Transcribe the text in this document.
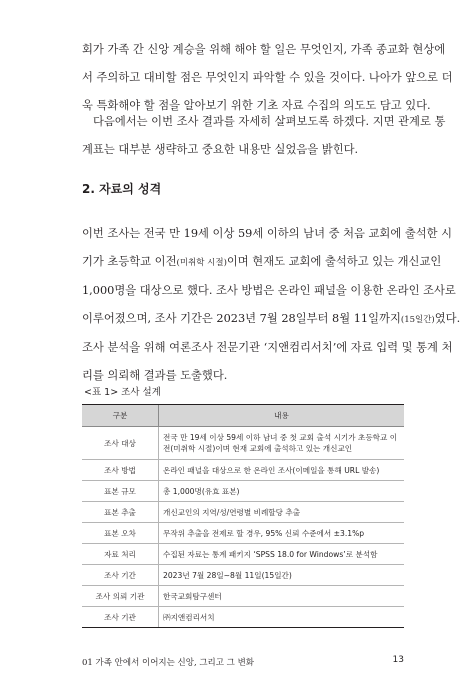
회가 가족 간 신앙 계승을 위해 해야 할 일은 무엇인지, 가족 종교화 현상에
서 주의하고 대비할 점은 무엇인지 파악할 수 있을 것이다. 나아가 앞으로 더
욱 특화해야 할 점을 알아보기 위한 기초 자료 수집의 의도도 담고 있다.

다음에서는 이번 조사 결과를 자세히 살펴보도록 하겠다. 지면 관계로 통
계표는 대부분 생략하고 중요한 내용만 실었음을 밝힌다.

2. 자료의 성격

이번 조사는 전국 만 19세 이상 59세 이하의 남녀 중 처음 교회에 출석한 시
기가 초등학교 이전(미취학 시절)이며 현재도 교회에 출석하고 있는 개신교인
1,000명을 대상으로 했다. 조사 방법은 온라인 패널을 이용한 온라인 조사로
이루어졌으며, 조사 기간은 2023년 7월 28일부터 8월 11일까지(15일간)였다.
조사 분석을 위해 여론조사 전문기관 ‘지앤컴리서치’에 자료 입력 및 통계 처
리를 의뢰해 결과를 도출했다.

<표 1> 조사 설계

구분	내용
조사 대상	전국 만 19세 이상 59세 이하 남녀 중 첫 교회 출석 시기가 초등학교 이전(미취학 시절)이며 현재 교회에 출석하고 있는 개신교인
조사 방법	온라인 패널을 대상으로 한 온라인 조사(이메일을 통해 URL 발송)
표본 규모	총 1,000명(유효 표본)
표본 추출	개신교인의 지역/성/연령별 비례할당 추출
표본 오차	무작위 추출을 전제로 할 경우, 95% 신뢰 수준에서 ±3.1%p
자료 처리	수집된 자료는 통계 패키지 ‘SPSS 18.0 for Windows’로 분석함
조사 기간	2023년 7월 28일~8월 11일(15일간)
조사 의뢰 기관	한국교회탐구센터
조사 기관	㈜지앤컴리서치

01 가족 안에서 이어지는 신앙, 그리고 그 변화	13
